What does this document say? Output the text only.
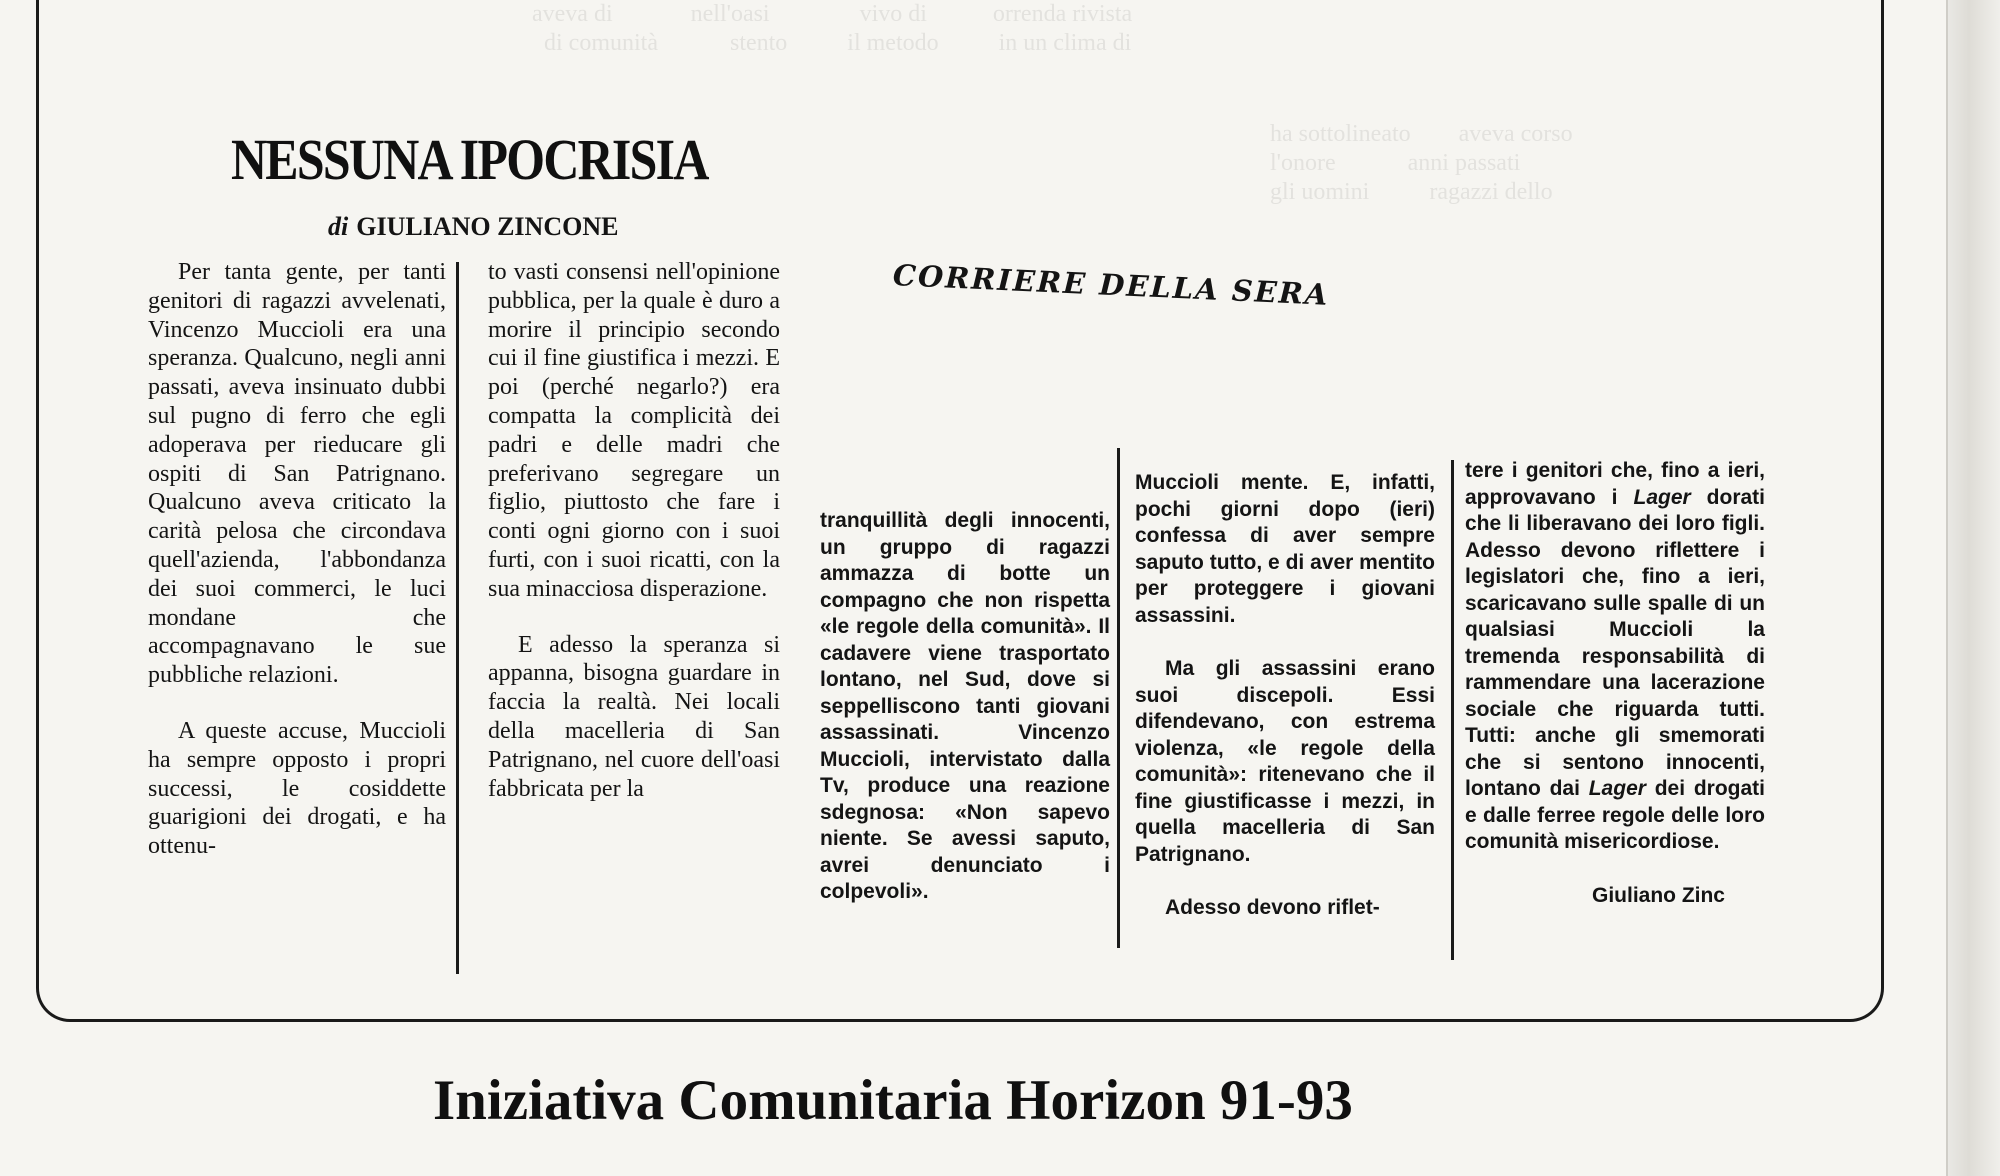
aveva di             nell'oasi               vivo di           orrenda rivista
di comunità            stento          il metodo          in un clima di
ha sottolineato        aveva corso
l'onore            anni passati
gli uomini          ragazzi dello
NESSUNA IPOCRISIA
di GIULIANO ZINCONE
CORRIERE DELLA SERA

Per tanta gente, per tanti genitori di ragazzi avvelenati, Vincenzo Muccioli era una speranza. Qualcuno, negli anni passati, aveva insinuato dubbi sul pugno di ferro che egli adoperava per rieducare gli ospiti di San Patrignano. Qualcuno aveva criticato la carità pelosa che circondava quell'azienda, l'abbondanza dei suoi commerci, le luci mondane che accompagnavano le sue pubbliche relazioni.

A queste accuse, Muccioli ha sempre opposto i propri successi, le cosiddette guarigioni dei drogati, e ha ottenu-

to vasti consensi nell'opinione pubblica, per la quale è duro a morire il principio secondo cui il fine giustifica i mezzi. E poi (perché negarlo?) era compatta la complicità dei padri e delle madri che preferivano segregare un figlio, piuttosto che fare i conti ogni giorno con i suoi furti, con i suoi ricatti, con la sua minacciosa disperazione.

E adesso la speranza si appanna, bisogna guardare in faccia la realtà. Nei locali della macelleria di San Patrignano, nel cuore dell'oasi fabbricata per la

tranquillità degli innocenti, un gruppo di ragazzi ammazza di botte un compagno che non rispetta «le regole della comunità». Il cadavere viene trasportato lontano, nel Sud, dove si seppelliscono tanti giovani assassinati. Vincenzo Muccioli, intervistato dalla Tv, produce una reazione sdegnosa: «Non sapevo niente. Se avessi saputo, avrei denunciato i colpevoli».

Muccioli mente. E, infatti, pochi giorni dopo (ieri) confessa di aver sempre saputo tutto, e di aver mentito per proteggere i giovani assassini.

Ma gli assassini erano suoi discepoli. Essi difendevano, con estrema violenza, «le regole della comunità»: ritenevano che il fine giustificasse i mezzi, in quella macelleria di San Patrignano.

Adesso devono riflet-

tere i genitori che, fino a ieri, approvavano i Lager dorati che li liberavano dei loro figli. Adesso devono riflettere i legislatori che, fino a ieri, scaricavano sulle spalle di un qualsiasi Muccioli la tremenda responsabilità di rammendare una lacerazione sociale che riguarda tutti. Tutti: anche gli smemorati che si sentono innocenti, lontano dai Lager dei drogati e dalle ferree regole delle loro comunità misericordiose.

Giuliano Zinc
Iniziativa Comunitaria Horizon 91-93
